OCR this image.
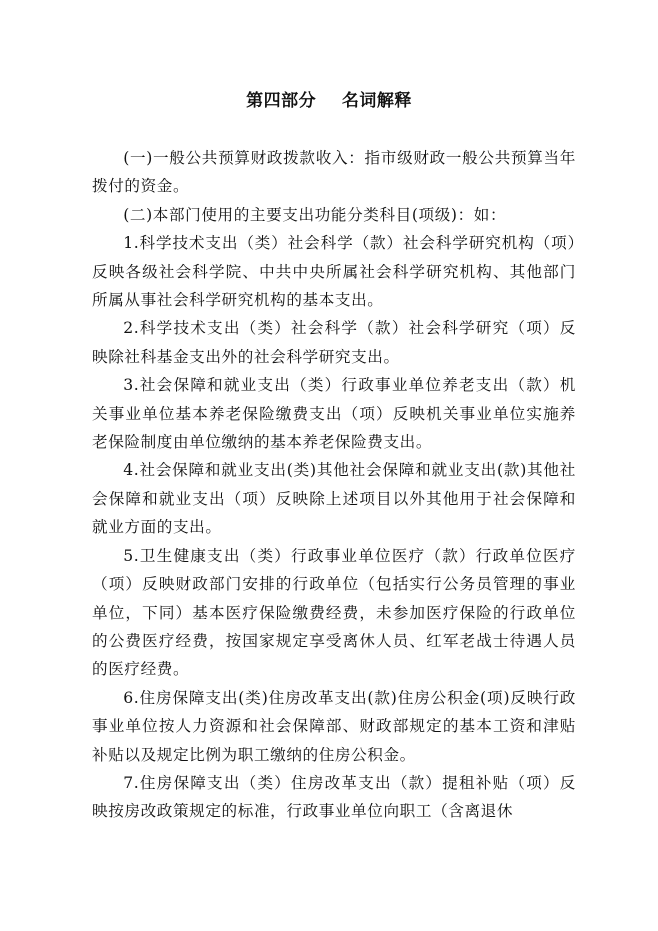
第四部分    名词解释

(一)一般公共预算财政拨款收入：指市级财政一般公共预算当年拨付的资金。

(二)本部门使用的主要支出功能分类科目(项级)：如：

1.科学技术支出（类）社会科学（款）社会科学研究机构（项）反映各级社会科学院、中共中央所属社会科学研究机构、其他部门所属从事社会科学研究机构的基本支出。

2.科学技术支出（类）社会科学（款）社会科学研究（项）反映除社科基金支出外的社会科学研究支出。

3.社会保障和就业支出（类）行政事业单位养老支出（款）机关事业单位基本养老保险缴费支出（项）反映机关事业单位实施养老保险制度由单位缴纳的基本养老保险费支出。

4.社会保障和就业支出(类)其他社会保障和就业支出(款)其他社会保障和就业支出（项）反映除上述项目以外其他用于社会保障和就业方面的支出。

5.卫生健康支出（类）行政事业单位医疗（款）行政单位医疗（项）反映财政部门安排的行政单位（包括实行公务员管理的事业单位，下同）基本医疗保险缴费经费，未参加医疗保险的行政单位的公费医疗经费，按国家规定享受离休人员、红军老战士待遇人员的医疗经费。

6.住房保障支出(类)住房改革支出(款)住房公积金(项)反映行政事业单位按人力资源和社会保障部、财政部规定的基本工资和津贴补贴以及规定比例为职工缴纳的住房公积金。

7.住房保障支出（类）住房改革支出（款）提租补贴（项）反映按房改政策规定的标准，行政事业单位向职工（含离退休
